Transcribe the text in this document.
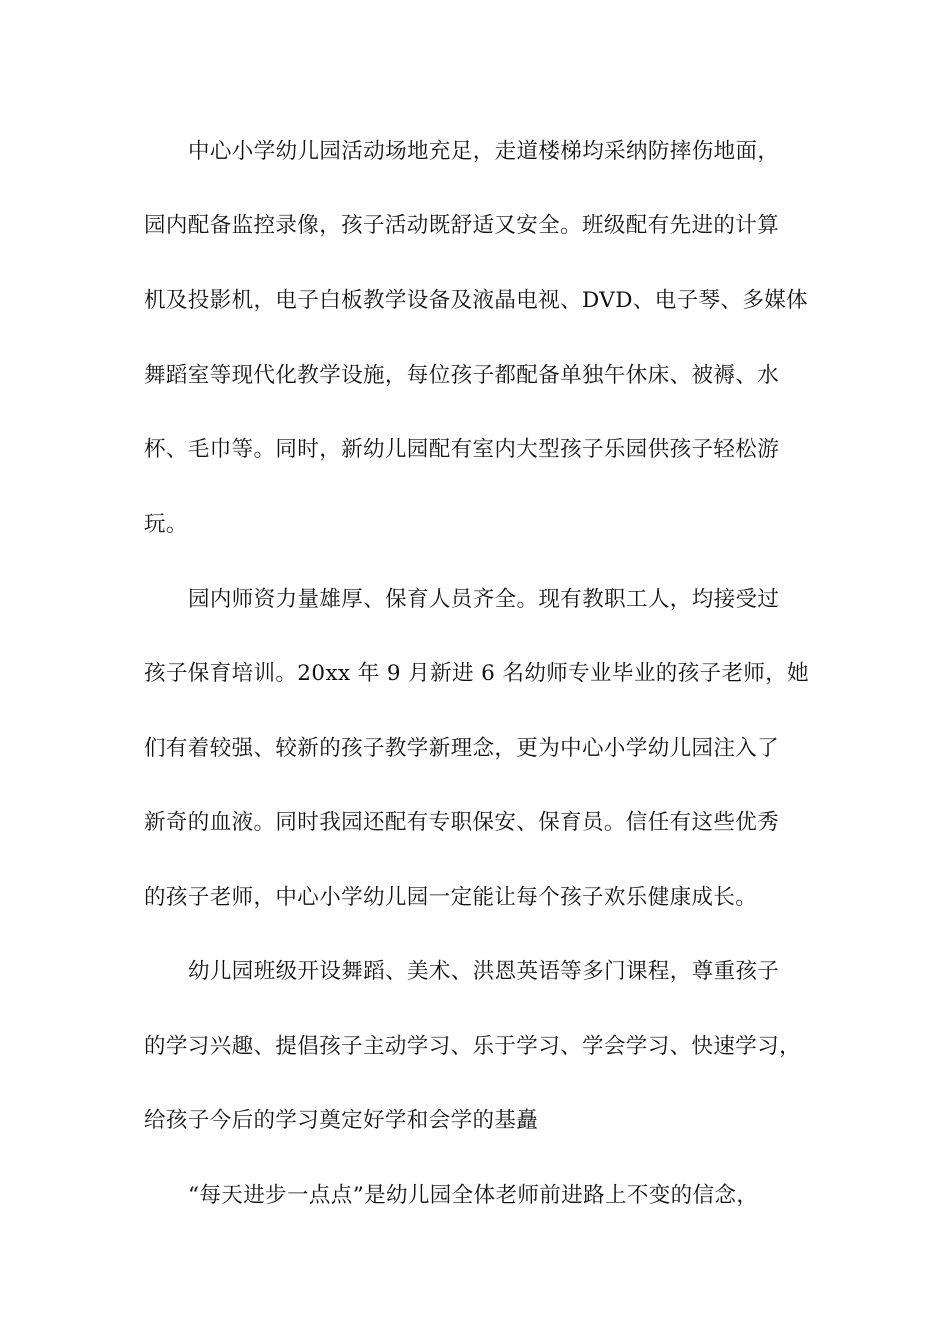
中心小学幼儿园活动场地充足，走道楼梯均采纳防摔伤地面，
园内配备监控录像，孩子活动既舒适又安全。班级配有先进的计算
机及投影机，电子白板教学设备及液晶电视、DVD、电子琴、多媒体
舞蹈室等现代化教学设施，每位孩子都配备单独午休床、被褥、水
杯、毛巾等。同时，新幼儿园配有室内大型孩子乐园供孩子轻松游
玩。
园内师资力量雄厚、保育人员齐全。现有教职工人，均接受过
孩子保育培训。20xx 年 9 月新进 6 名幼师专业毕业的孩子老师，她
们有着较强、较新的孩子教学新理念，更为中心小学幼儿园注入了
新奇的血液。同时我园还配有专职保安、保育员。信任有这些优秀
的孩子老师，中心小学幼儿园一定能让每个孩子欢乐健康成长。
幼儿园班级开设舞蹈、美术、洪恩英语等多门课程，尊重孩子
的学习兴趣、提倡孩子主动学习、乐于学习、学会学习、快速学习，
给孩子今后的学习奠定好学和会学的基矗
“每天进步一点点”是幼儿园全体老师前进路上不变的信念，
